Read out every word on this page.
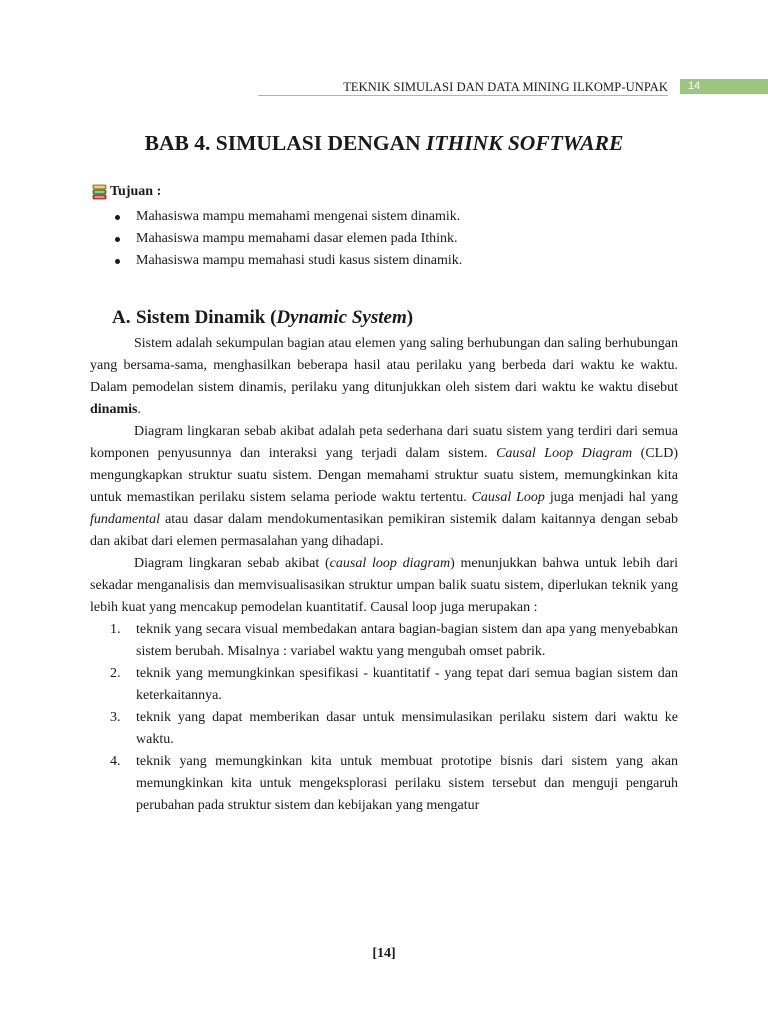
TEKNIK SIMULASI DAN DATA MINING ILKOMP-UNPAK	14
BAB 4. SIMULASI DENGAN ITHINK SOFTWARE
Tujuan :
Mahasiswa mampu memahami mengenai sistem dinamik.
Mahasiswa mampu memahami dasar elemen pada Ithink.
Mahasiswa mampu memahasi studi kasus sistem dinamik.
A. Sistem Dinamik (Dynamic System)

Sistem adalah sekumpulan bagian atau elemen yang saling berhubungan dan saling berhubungan yang bersama-sama, menghasilkan beberapa hasil atau perilaku yang berbeda dari waktu ke waktu. Dalam pemodelan sistem dinamis, perilaku yang ditunjukkan oleh sistem dari waktu ke waktu disebut dinamis.

Diagram lingkaran sebab akibat adalah peta sederhana dari suatu sistem yang terdiri dari semua komponen penyusunnya dan interaksi yang terjadi dalam sistem. Causal Loop Diagram (CLD) mengungkapkan struktur suatu sistem. Dengan memahami struktur suatu sistem, memungkinkan kita untuk memastikan perilaku sistem selama periode waktu tertentu. Causal Loop juga menjadi hal yang fundamental atau dasar dalam mendokumentasikan pemikiran sistemik dalam kaitannya dengan sebab dan akibat dari elemen permasalahan yang dihadapi.

Diagram lingkaran sebab akibat (causal loop diagram) menunjukkan bahwa untuk lebih dari sekadar menganalisis dan memvisualisasikan struktur umpan balik suatu sistem, diperlukan teknik yang lebih kuat yang mencakup pemodelan kuantitatif. Causal loop juga merupakan :

1. teknik yang secara visual membedakan antara bagian-bagian sistem dan apa yang menyebabkan sistem berubah. Misalnya : variabel waktu yang mengubah omset pabrik.
2. teknik yang memungkinkan spesifikasi - kuantitatif - yang tepat dari semua bagian sistem dan keterkaitannya.
3. teknik yang dapat memberikan dasar untuk mensimulasikan perilaku sistem dari waktu ke waktu.
4. teknik yang memungkinkan kita untuk membuat prototipe bisnis dari sistem yang akan memungkinkan kita untuk mengeksplorasi perilaku sistem tersebut dan menguji pengaruh perubahan pada struktur sistem dan kebijakan yang mengatur
[14]
